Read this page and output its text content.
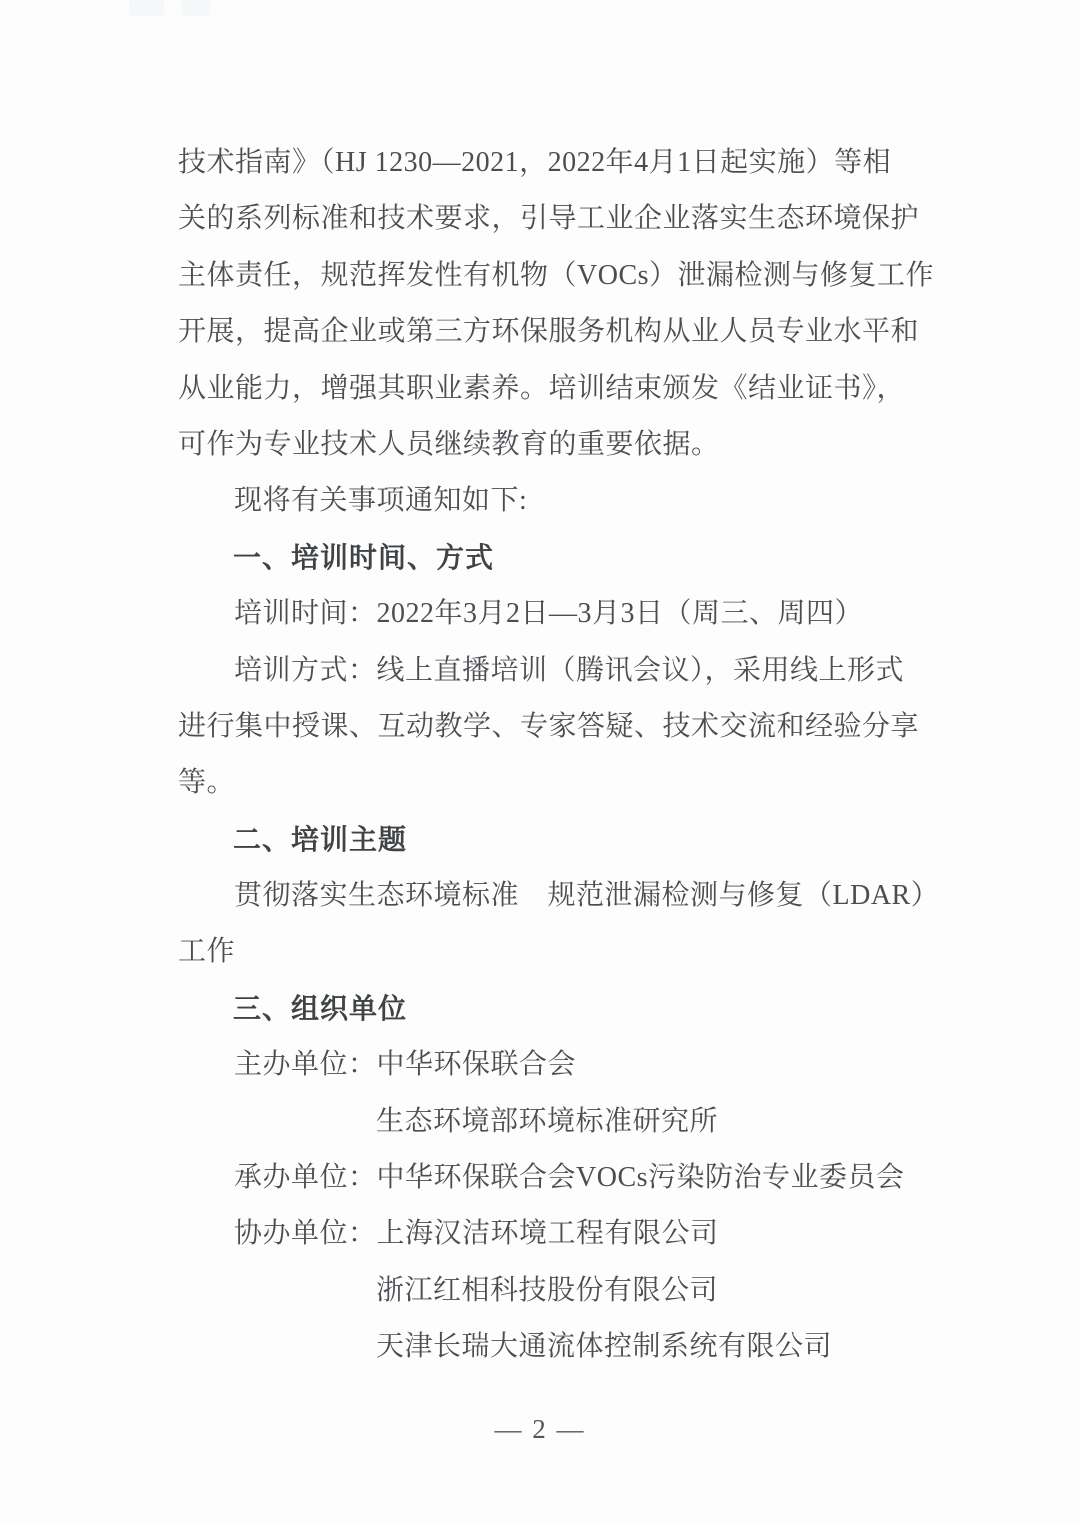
技术指南》（HJ 1230—2021，2022年4月1日起实施）等相
关的系列标准和技术要求，引导工业企业落实生态环境保护
主体责任，规范挥发性有机物（VOCs）泄漏检测与修复工作
开展，提高企业或第三方环保服务机构从业人员专业水平和
从业能力，增强其职业素养。培训结束颁发《结业证书》，
可作为专业技术人员继续教育的重要依据。
现将有关事项通知如下:
一、培训时间、方式
培训时间：2022年3月2日—3月3日（周三、周四）
培训方式：线上直播培训（腾讯会议），采用线上形式
进行集中授课、互动教学、专家答疑、技术交流和经验分享
等。
二、培训主题
贯彻落实生态环境标准　规范泄漏检测与修复（LDAR）
工作
三、组织单位
主办单位：中华环保联合会
生态环境部环境标准研究所
承办单位：中华环保联合会VOCs污染防治专业委员会
协办单位：上海汉洁环境工程有限公司
浙江红相科技股份有限公司
天津长瑞大通流体控制系统有限公司
— 2 —
